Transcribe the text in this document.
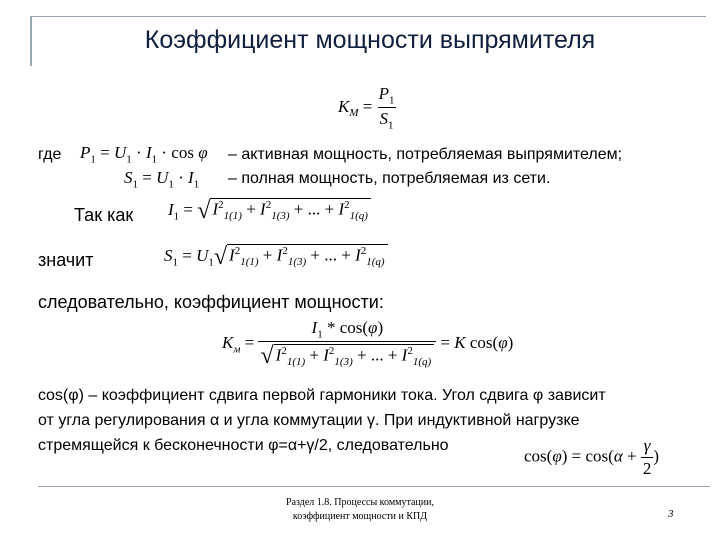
Коэффициент мощности выпрямителя
$K_M = \frac{P_1}{S_1}$
где $P_1 = U_1 \cdot I_1 \cdot \cos \varphi$ – активная мощность, потребляемая выпрямителем;
$S_1 = U_1 \cdot I_1$ – полная мощность, потребляемая из сети.
Так как $I_1$ = √ $I^2_{1(1)} + I^2_{1(3)}$ + ... + $I^2_{1(q)}$
значит	$S_1 = U_1√$ $I^2_{1(1)} + I^2_{1(3)}$ + ... + $I^2_{1(q)}$
следовательно, коэффициент мощности:
$K_м = \frac{I_1 * \cos(\varphi)}{√ I^2_{1(1)} + I^2_{1(3)} + ... + I^2_{1(q)}} = K$ cos(φ)
cos(φ) – коэффициент сдвига первой гармоники тока. Угол сдвига φ зависит
от угла регулирования α и угла коммутации γ. При индуктивной нагрузке
стремящейся к бесконечности φ=α+γ/2, следовательно
$\cos(\varphi) = \cos(\alpha + \frac{\gamma}{2}$ )
Раздел 1.8. Процессы коммутации,
коэффициент мощности и КПД	3
